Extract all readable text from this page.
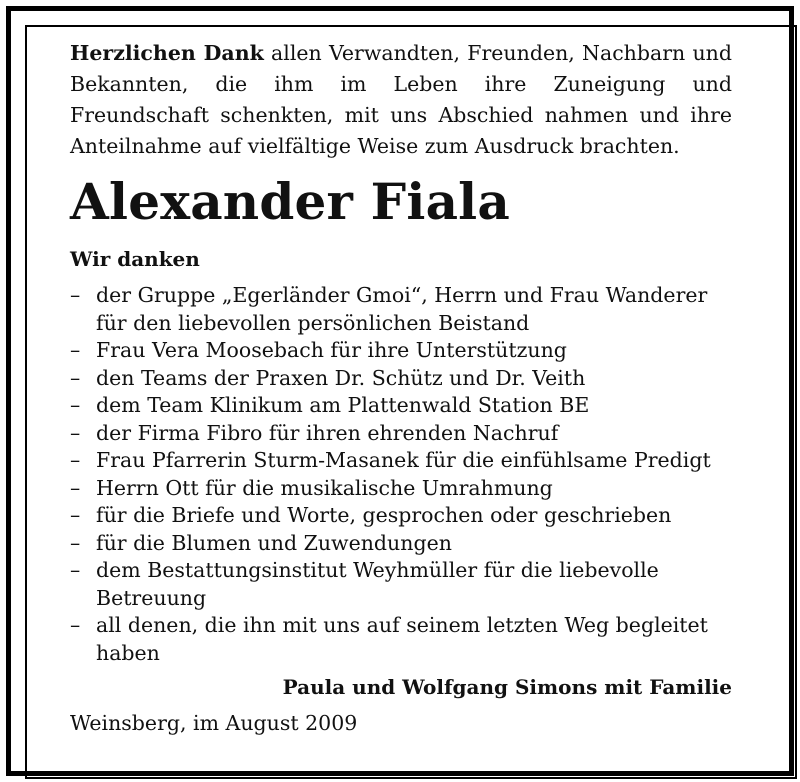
Herzlichen Dank allen Verwandten, Freunden, Nachbarn und Bekannten, die ihm im Leben ihre Zuneigung und Freundschaft schenkten, mit uns Abschied nahmen und ihre Anteilnahme auf vielfältige Weise zum Ausdruck brachten.

Alexander Fiala
Wir danken
– der Gruppe „Egerländer Gmoi“, Herrn und Frau Wanderer für den liebevollen persönlichen Beistand
– Frau Vera Moosebach für ihre Unterstützung
– den Teams der Praxen Dr. Schütz und Dr. Veith
– dem Team Klinikum am Plattenwald Station BE
– der Firma Fibro für ihren ehrenden Nachruf
– Frau Pfarrerin Sturm-Masanek für die einfühlsame Predigt
– Herrn Ott für die musikalische Umrahmung
– für die Briefe und Worte, gesprochen oder geschrieben
– für die Blumen und Zuwendungen
– dem Bestattungsinstitut Weyhmüller für die liebevolle Betreuung
– all denen, die ihn mit uns auf seinem letzten Weg begleitet haben
Paula und Wolfgang Simons mit Familie
Weinsberg, im August 2009
